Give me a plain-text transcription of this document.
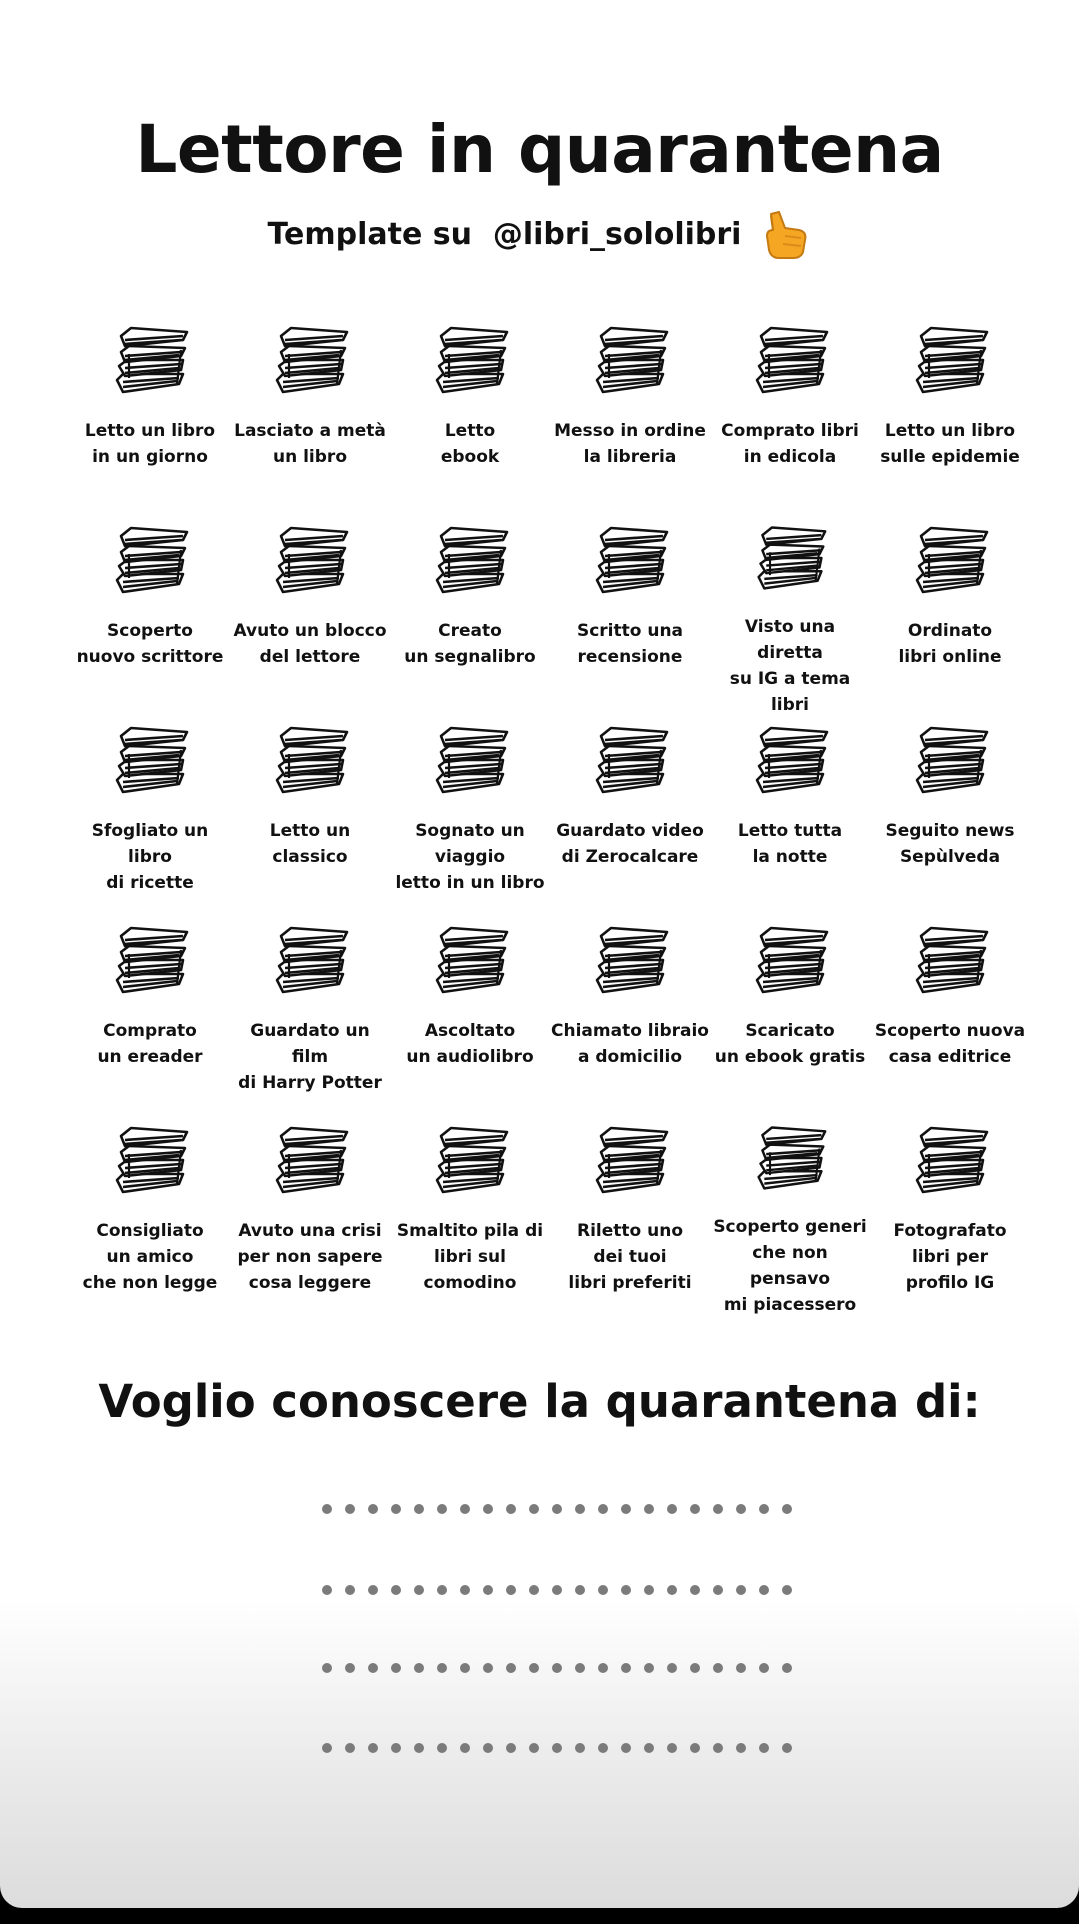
Lettore in quarantena
Template su  @libri_sololibri
Letto un libro
in un giorno
Lasciato a metà
un libro
Letto
ebook
Messo in ordine
la libreria
Comprato libri
in edicola
Letto un libro
sulle epidemie
Scoperto
nuovo scrittore
Avuto un blocco
del lettore
Creato
un segnalibro
Scritto una
recensione
Visto una diretta
su IG a tema libri
Ordinato
libri online
Sfogliato un libro
di ricette
Letto un
classico
Sognato un viaggio
letto in un libro
Guardato video
di Zerocalcare
Letto tutta
la notte
Seguito news
Sepùlveda
Comprato
un ereader
Guardato un film
di Harry Potter
Ascoltato
un audiolibro
Chiamato libraio
a domicilio
Scaricato
un ebook gratis
Scoperto nuova
casa editrice
Consigliato
un amico
che non legge
Avuto una crisi
per non sapere
cosa leggere
Smaltito pila di
libri sul
comodino
Riletto uno
dei tuoi
libri preferiti
Scoperto generi
che non pensavo
mi piacessero
Fotografato
libri per
profilo IG
Voglio conoscere la quarantena di:
